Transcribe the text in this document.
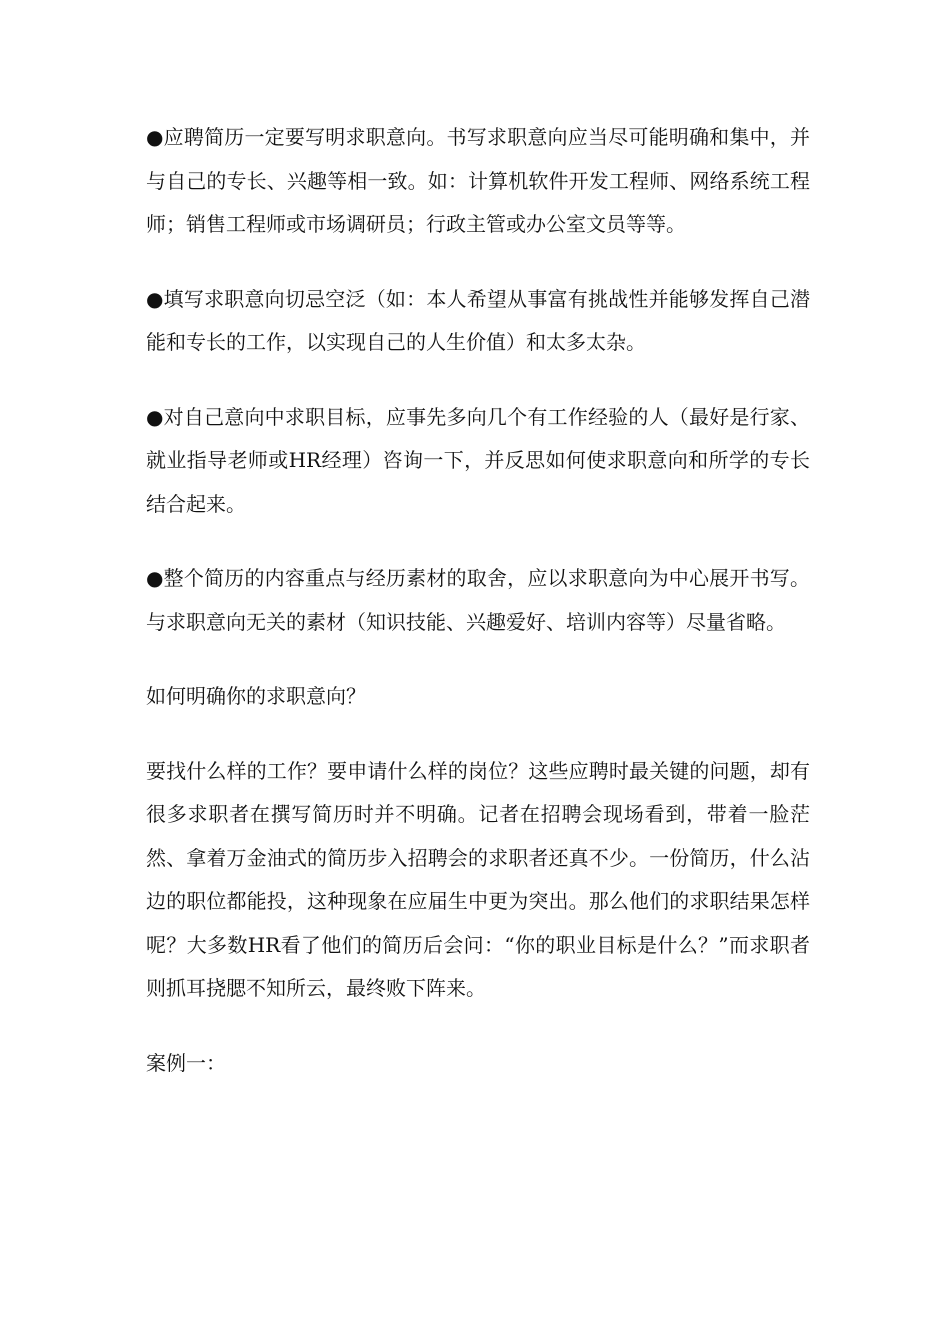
●应聘简历一定要写明求职意向。书写求职意向应当尽可能明确和集中，并与自己的专长、兴趣等相一致。如：计算机软件开发工程师、网络系统工程师；销售工程师或市场调研员；行政主管或办公室文员等等。

●填写求职意向切忌空泛（如：本人希望从事富有挑战性并能够发挥自己潜能和专长的工作，以实现自己的人生价值）和太多太杂。

●对自己意向中求职目标，应事先多向几个有工作经验的人（最好是行家、就业指导老师或HR经理）咨询一下，并反思如何使求职意向和所学的专长结合起来。

●整个简历的内容重点与经历素材的取舍，应以求职意向为中心展开书写。与求职意向无关的素材（知识技能、兴趣爱好、培训内容等）尽量省略。

如何明确你的求职意向？

要找什么样的工作？要申请什么样的岗位？这些应聘时最关键的问题，却有很多求职者在撰写简历时并不明确。记者在招聘会现场看到，带着一脸茫然、拿着万金油式的简历步入招聘会的求职者还真不少。一份简历，什么沾边的职位都能投，这种现象在应届生中更为突出。那么他们的求职结果怎样呢？大多数HR看了他们的简历后会问：“你的职业目标是什么？”而求职者则抓耳挠腮不知所云，最终败下阵来。

案例一：
